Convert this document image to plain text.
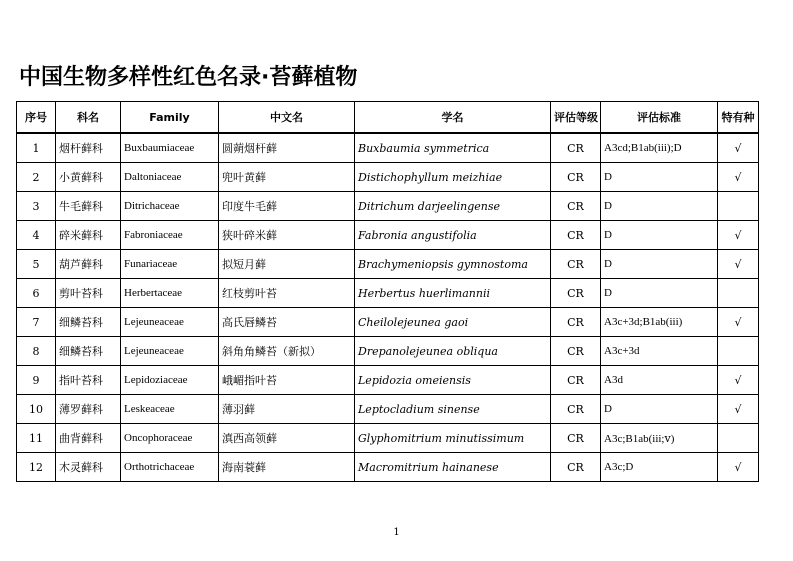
中国生物多样性红色名录·苔藓植物
序号	科名	Family	中文名	学名	评估等级	评估标准	特有种
1	烟杆藓科	Buxbaumiaceae	圆蒴烟杆藓	Buxbaumia symmetrica	CR	A3cd;B1ab(iii);D	√
2	小黄藓科	Daltoniaceae	兜叶黄藓	Distichophyllum meizhiae	CR	D	√
3	牛毛藓科	Ditrichaceae	印度牛毛藓	Ditrichum darjeelingense	CR	D	
4	碎米藓科	Fabroniaceae	狭叶碎米藓	Fabronia angustifolia	CR	D	√
5	葫芦藓科	Funariaceae	拟短月藓	Brachymeniopsis gymnostoma	CR	D	√
6	剪叶苔科	Herbertaceae	红枝剪叶苔	Herbertus huerlimannii	CR	D	
7	细鳞苔科	Lejeuneaceae	高氏唇鳞苔	Cheilolejeunea gaoi	CR	A3c+3d;B1ab(iii)	√
8	细鳞苔科	Lejeuneaceae	斜角角鳞苔（新拟）	Drepanolejeunea obliqua	CR	A3c+3d	
9	指叶苔科	Lepidoziaceae	峨嵋指叶苔	Lepidozia omeiensis	CR	A3d	√
10	薄罗藓科	Leskeaceae	薄羽藓	Leptocladium sinense	CR	D	√
11	曲背藓科	Oncophoraceae	滇西高领藓	Glyphomitrium minutissimum	CR	A3c;B1ab(iii;ⅴ)	
12	木灵藓科	Orthotrichaceae	海南蓑藓	Macromitrium hainanese	CR	A3c;D	√
1
